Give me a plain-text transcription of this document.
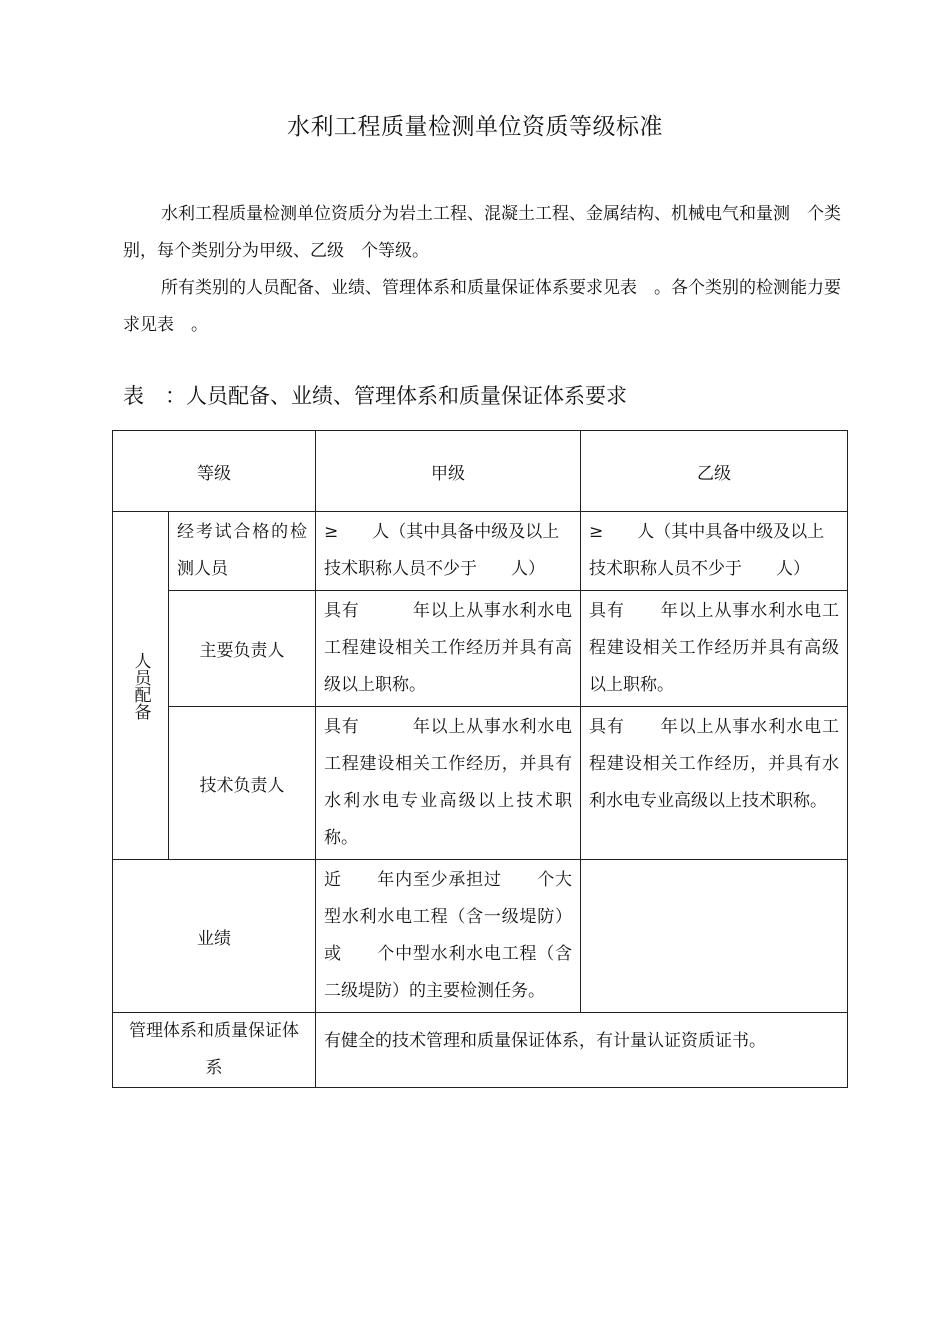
水利工程质量检测单位资质等级标准
水利工程质量检测单位资质分为岩土工程、混凝土工程、金属结构、机械电气和量测　个类别，每个类别分为甲级、乙级　个等级。
所有类别的人员配备、业绩、管理体系和质量保证体系要求见表　。各个类别的检测能力要求见表　。
表　：人员配备、业绩、管理体系和质量保证体系要求
等级		甲级	乙级

人员配备	经考试合格的检测人员	≥　　人（其中具备中级及以上技术职称人员不少于　　人）	≥　　人（其中具备中级及以上技术职称人员不少于　　人）

	主要负责人	具有　　　年以上从事水利水电工程建设相关工作经历并具有高级以上职称。	具有　　年以上从事水利水电工程建设相关工作经历并具有高级以上职称。

	技术负责人	具有　　　年以上从事水利水电工程建设相关工作经历，并具有水利水电专业高级以上技术职称。	具有　　年以上从事水利水电工程建设相关工作经历，并具有水利水电专业高级以上技术职称。

业绩		近　　年内至少承担过　　个大型水利水电工程（含一级堤防）或　　个中型水利水电工程（含二级堤防）的主要检测任务。	

管理体系和质量保证体系		有健全的技术管理和质量保证体系，有计量认证资质证书。	
